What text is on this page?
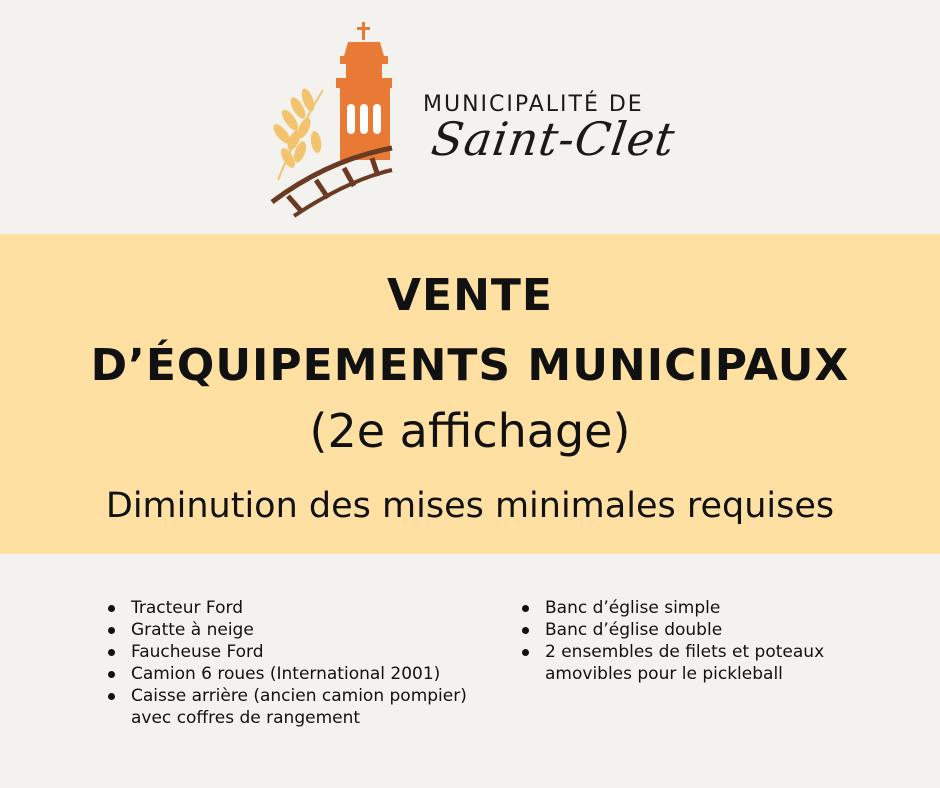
MUNICIPALITÉ DE
Saint-Clet
VENTE
D’ÉQUIPEMENTS MUNICIPAUX
(2e affichage)
Diminution des mises minimales requises
Tracteur Ford
Gratte à neige
Faucheuse Ford
Camion 6 roues (International 2001)
Caisse arrière (ancien camion pompier) avec coffres de rangement
Banc d’église simple
Banc d’église double
2 ensembles de filets et poteaux amovibles pour le pickleball
